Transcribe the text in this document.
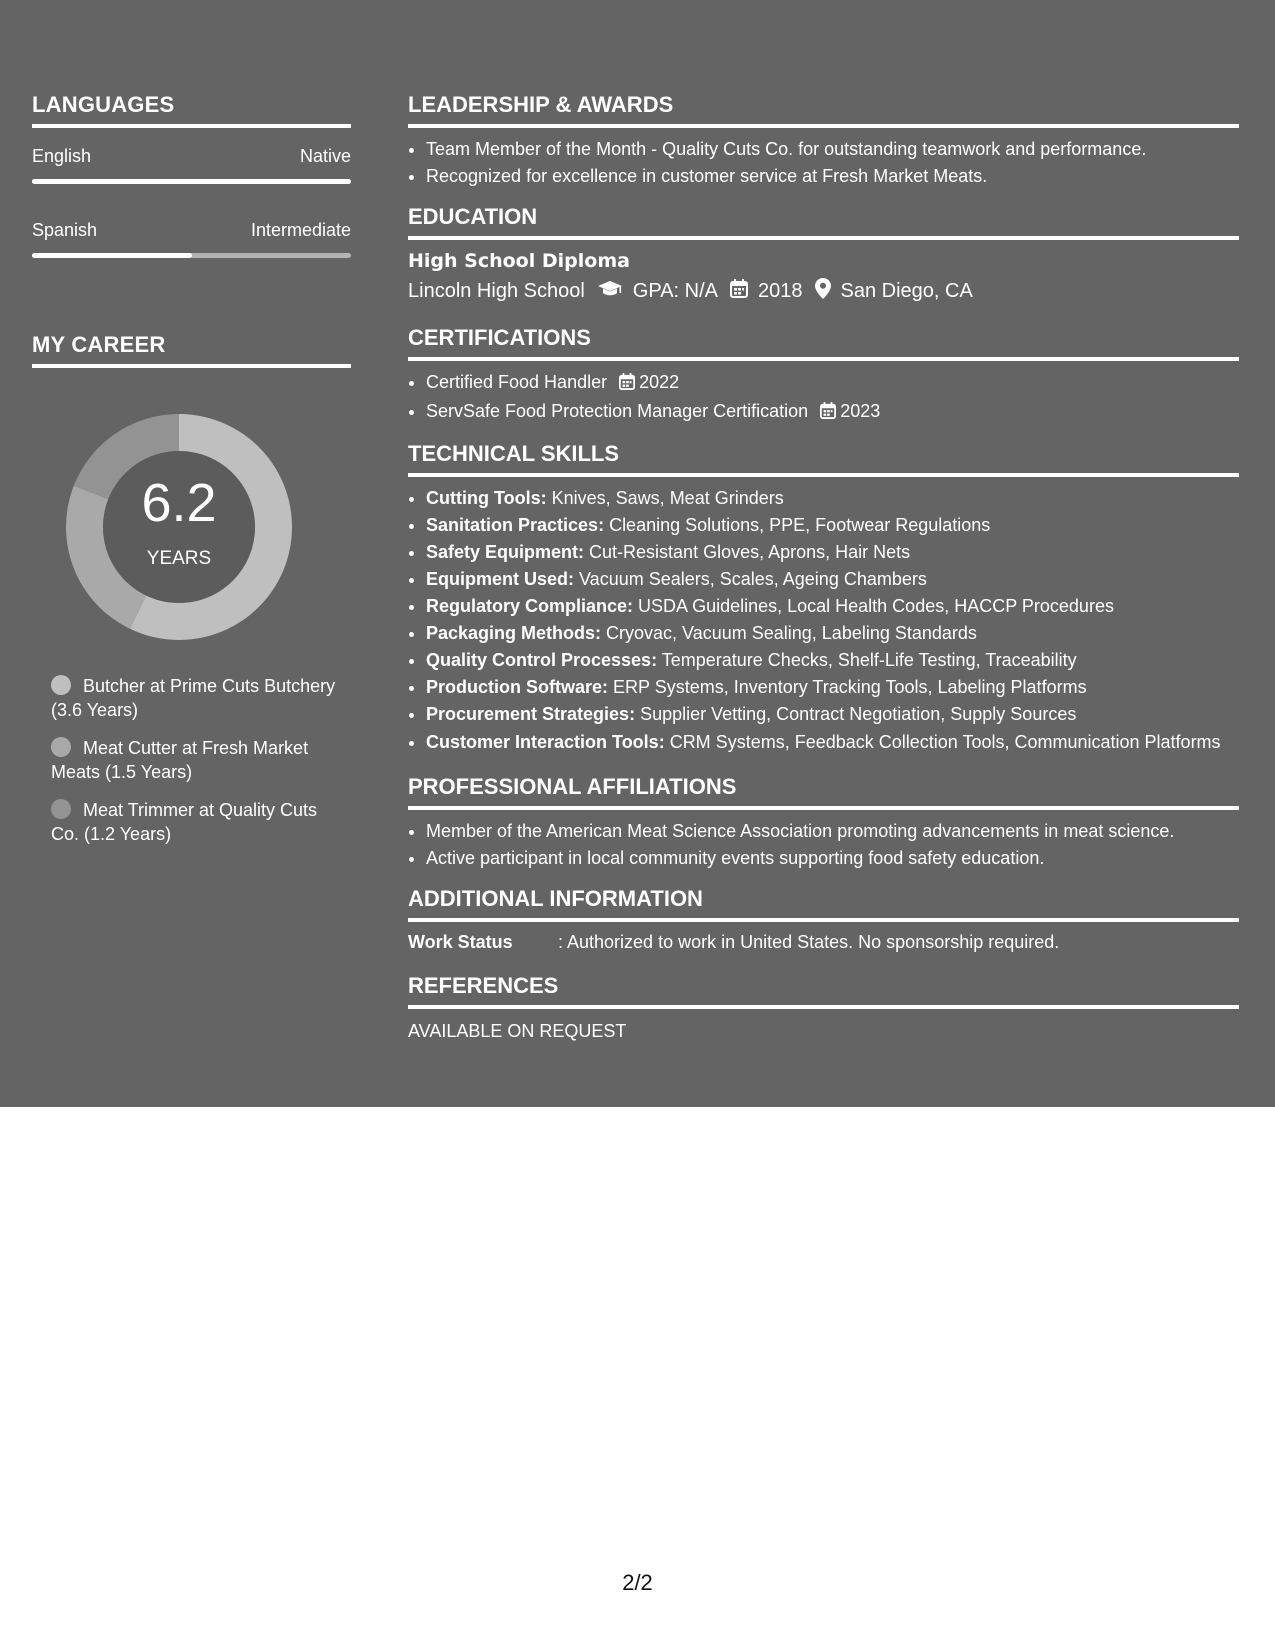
LANGUAGES
English	Native
Spanish	Intermediate
MY CAREER
6.2
YEARS
Butcher at Prime Cuts Butchery (3.6 Years)
Meat Cutter at Fresh Market Meats (1.5 Years)
Meat Trimmer at Quality Cuts Co. (1.2 Years)
LEADERSHIP & AWARDS
• Team Member of the Month - Quality Cuts Co. for outstanding teamwork and performance.
• Recognized for excellence in customer service at Fresh Market Meats.
EDUCATION
High School Diploma
Lincoln High School GPA: N/A 2018 San Diego, CA
CERTIFICATIONS
• Certified Food Handler 2022
• ServSafe Food Protection Manager Certification 2023
TECHNICAL SKILLS
• Cutting Tools: Knives, Saws, Meat Grinders
• Sanitation Practices: Cleaning Solutions, PPE, Footwear Regulations
• Safety Equipment: Cut-Resistant Gloves, Aprons, Hair Nets
• Equipment Used: Vacuum Sealers, Scales, Ageing Chambers
• Regulatory Compliance: USDA Guidelines, Local Health Codes, HACCP Procedures
• Packaging Methods: Cryovac, Vacuum Sealing, Labeling Standards
• Quality Control Processes: Temperature Checks, Shelf-Life Testing, Traceability
• Production Software: ERP Systems, Inventory Tracking Tools, Labeling Platforms
• Procurement Strategies: Supplier Vetting, Contract Negotiation, Supply Sources
• Customer Interaction Tools: CRM Systems, Feedback Collection Tools, Communication Platforms
PROFESSIONAL AFFILIATIONS
• Member of the American Meat Science Association promoting advancements in meat science.
• Active participant in local community events supporting food safety education.
ADDITIONAL INFORMATION
Work Status	: Authorized to work in United States. No sponsorship required.
REFERENCES
AVAILABLE ON REQUEST
2/2
